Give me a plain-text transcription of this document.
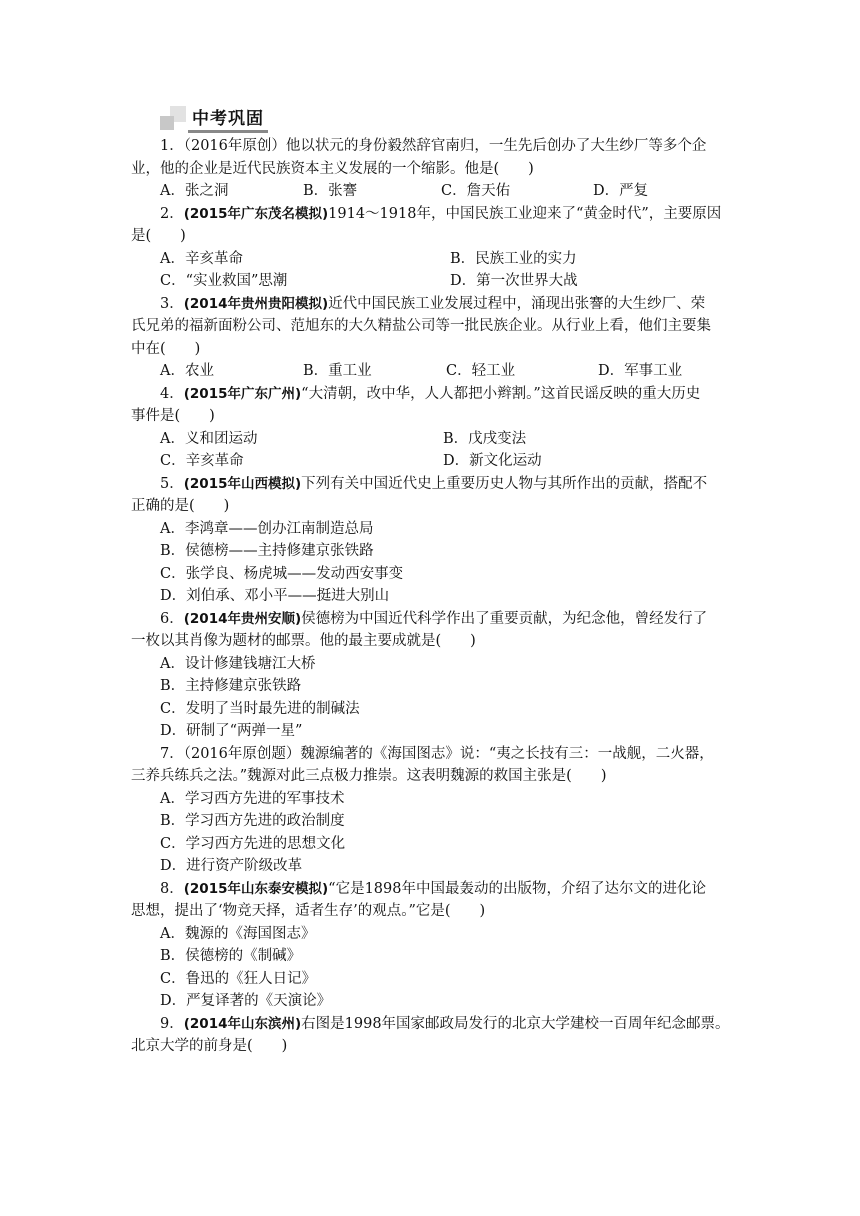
中考巩固
1．（2016年原创）他以状元的身份毅然辞官南归，一生先后创办了大生纱厂等多个企
业，他的企业是近代民族资本主义发展的一个缩影。他是(　　)
A．张之洞	B．张謇	C．詹天佑	D．严复
2．(2015年广东茂名模拟)1914～1918年，中国民族工业迎来了“黄金时代”，主要原因
是(　　)
A．辛亥革命	B．民族工业的实力
C．“实业救国”思潮	D．第一次世界大战
3．(2014年贵州贵阳模拟)近代中国民族工业发展过程中，涌现出张謇的大生纱厂、荣
氏兄弟的福新面粉公司、范旭东的大久精盐公司等一批民族企业。从行业上看，他们主要集
中在(　　)
A．农业	B．重工业	C．轻工业	D．军事工业
4．(2015年广东广州)“大清朝，改中华，人人都把小辫割。”这首民谣反映的重大历史
事件是(　　)
A．义和团运动	B．戊戌变法
C．辛亥革命	D．新文化运动
5．(2015年山西模拟)下列有关中国近代史上重要历史人物与其所作出的贡献，搭配不
正确的是(　　)
A．李鸿章——创办江南制造总局
B．侯德榜——主持修建京张铁路
C．张学良、杨虎城——发动西安事变
D．刘伯承、邓小平——挺进大别山
6．(2014年贵州安顺)侯德榜为中国近代科学作出了重要贡献，为纪念他，曾经发行了
一枚以其肖像为题材的邮票。他的最主要成就是(　　)
A．设计修建钱塘江大桥
B．主持修建京张铁路
C．发明了当时最先进的制碱法
D．研制了“两弹一星”
7．（2016年原创题）魏源编著的《海国图志》说：“夷之长技有三：一战舰，二火器，
三养兵练兵之法。”魏源对此三点极力推崇。这表明魏源的救国主张是(　　)
A．学习西方先进的军事技术
B．学习西方先进的政治制度
C．学习西方先进的思想文化
D．进行资产阶级改革
8．(2015年山东泰安模拟)“它是1898年中国最轰动的出版物，介绍了达尔文的进化论
思想，提出了‘物竞天择，适者生存’的观点。”它是(　　)
A．魏源的《海国图志》
B．侯德榜的《制碱》
C．鲁迅的《狂人日记》
D．严复译著的《天演论》
9．(2014年山东滨州)右图是1998年国家邮政局发行的北京大学建校一百周年纪念邮票。
北京大学的前身是(　　)
